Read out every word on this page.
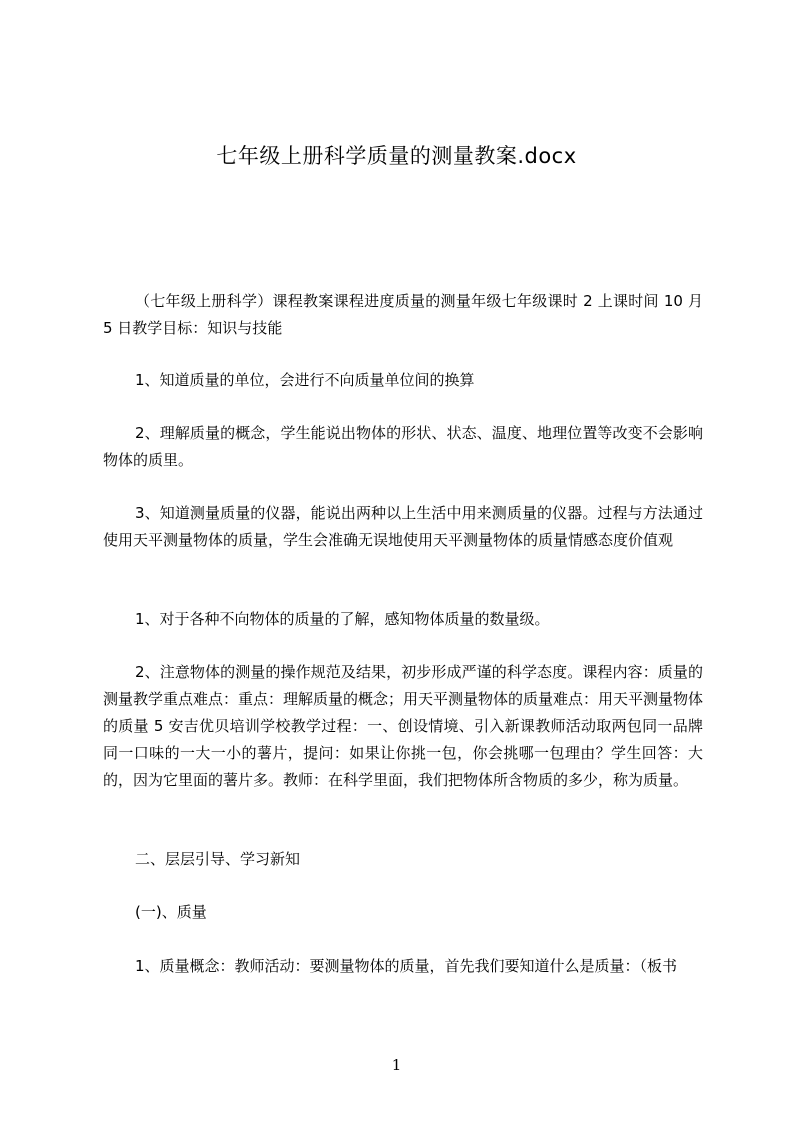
七年级上册科学质量的测量教案.docx

（七年级上册科学）课程教案课程进度质量的测量年级七年级课时 2 上课时间 10 月 5 日教学目标：知识与技能

1、知道质量的单位，会进行不向质量单位间的换算

2、理解质量的概念，学生能说出物体的形状、状态、温度、地理位置等改变不会影响物体的质里。

3、知道测量质量的仪器，能说出两种以上生活中用来测质量的仪器。过程与方法通过使用天平测量物体的质量，学生会准确无误地使用天平测量物体的质量情感态度价值观

1、对于各种不向物体的质量的了解，感知物体质量的数量级。

2、注意物体的测量的操作规范及结果，初步形成严谨的科学态度。课程内容：质量的测量教学重点难点：重点：理解质量的概念；用天平测量物体的质量难点：用天平测量物体的质量 5 安吉优贝培训学校教学过程：一、创设情境、引入新课教师活动取两包同一品牌同一口味的一大一小的薯片，提问：如果让你挑一包，你会挑哪一包理由？学生回答：大的，因为它里面的薯片多。教师：在科学里面，我们把物体所含物质的多少，称为质量。

二、层层引导、学习新知

(一)、质量

1、质量概念：教师活动：要测量物体的质量，首先我们要知道什么是质量：（板书

1
